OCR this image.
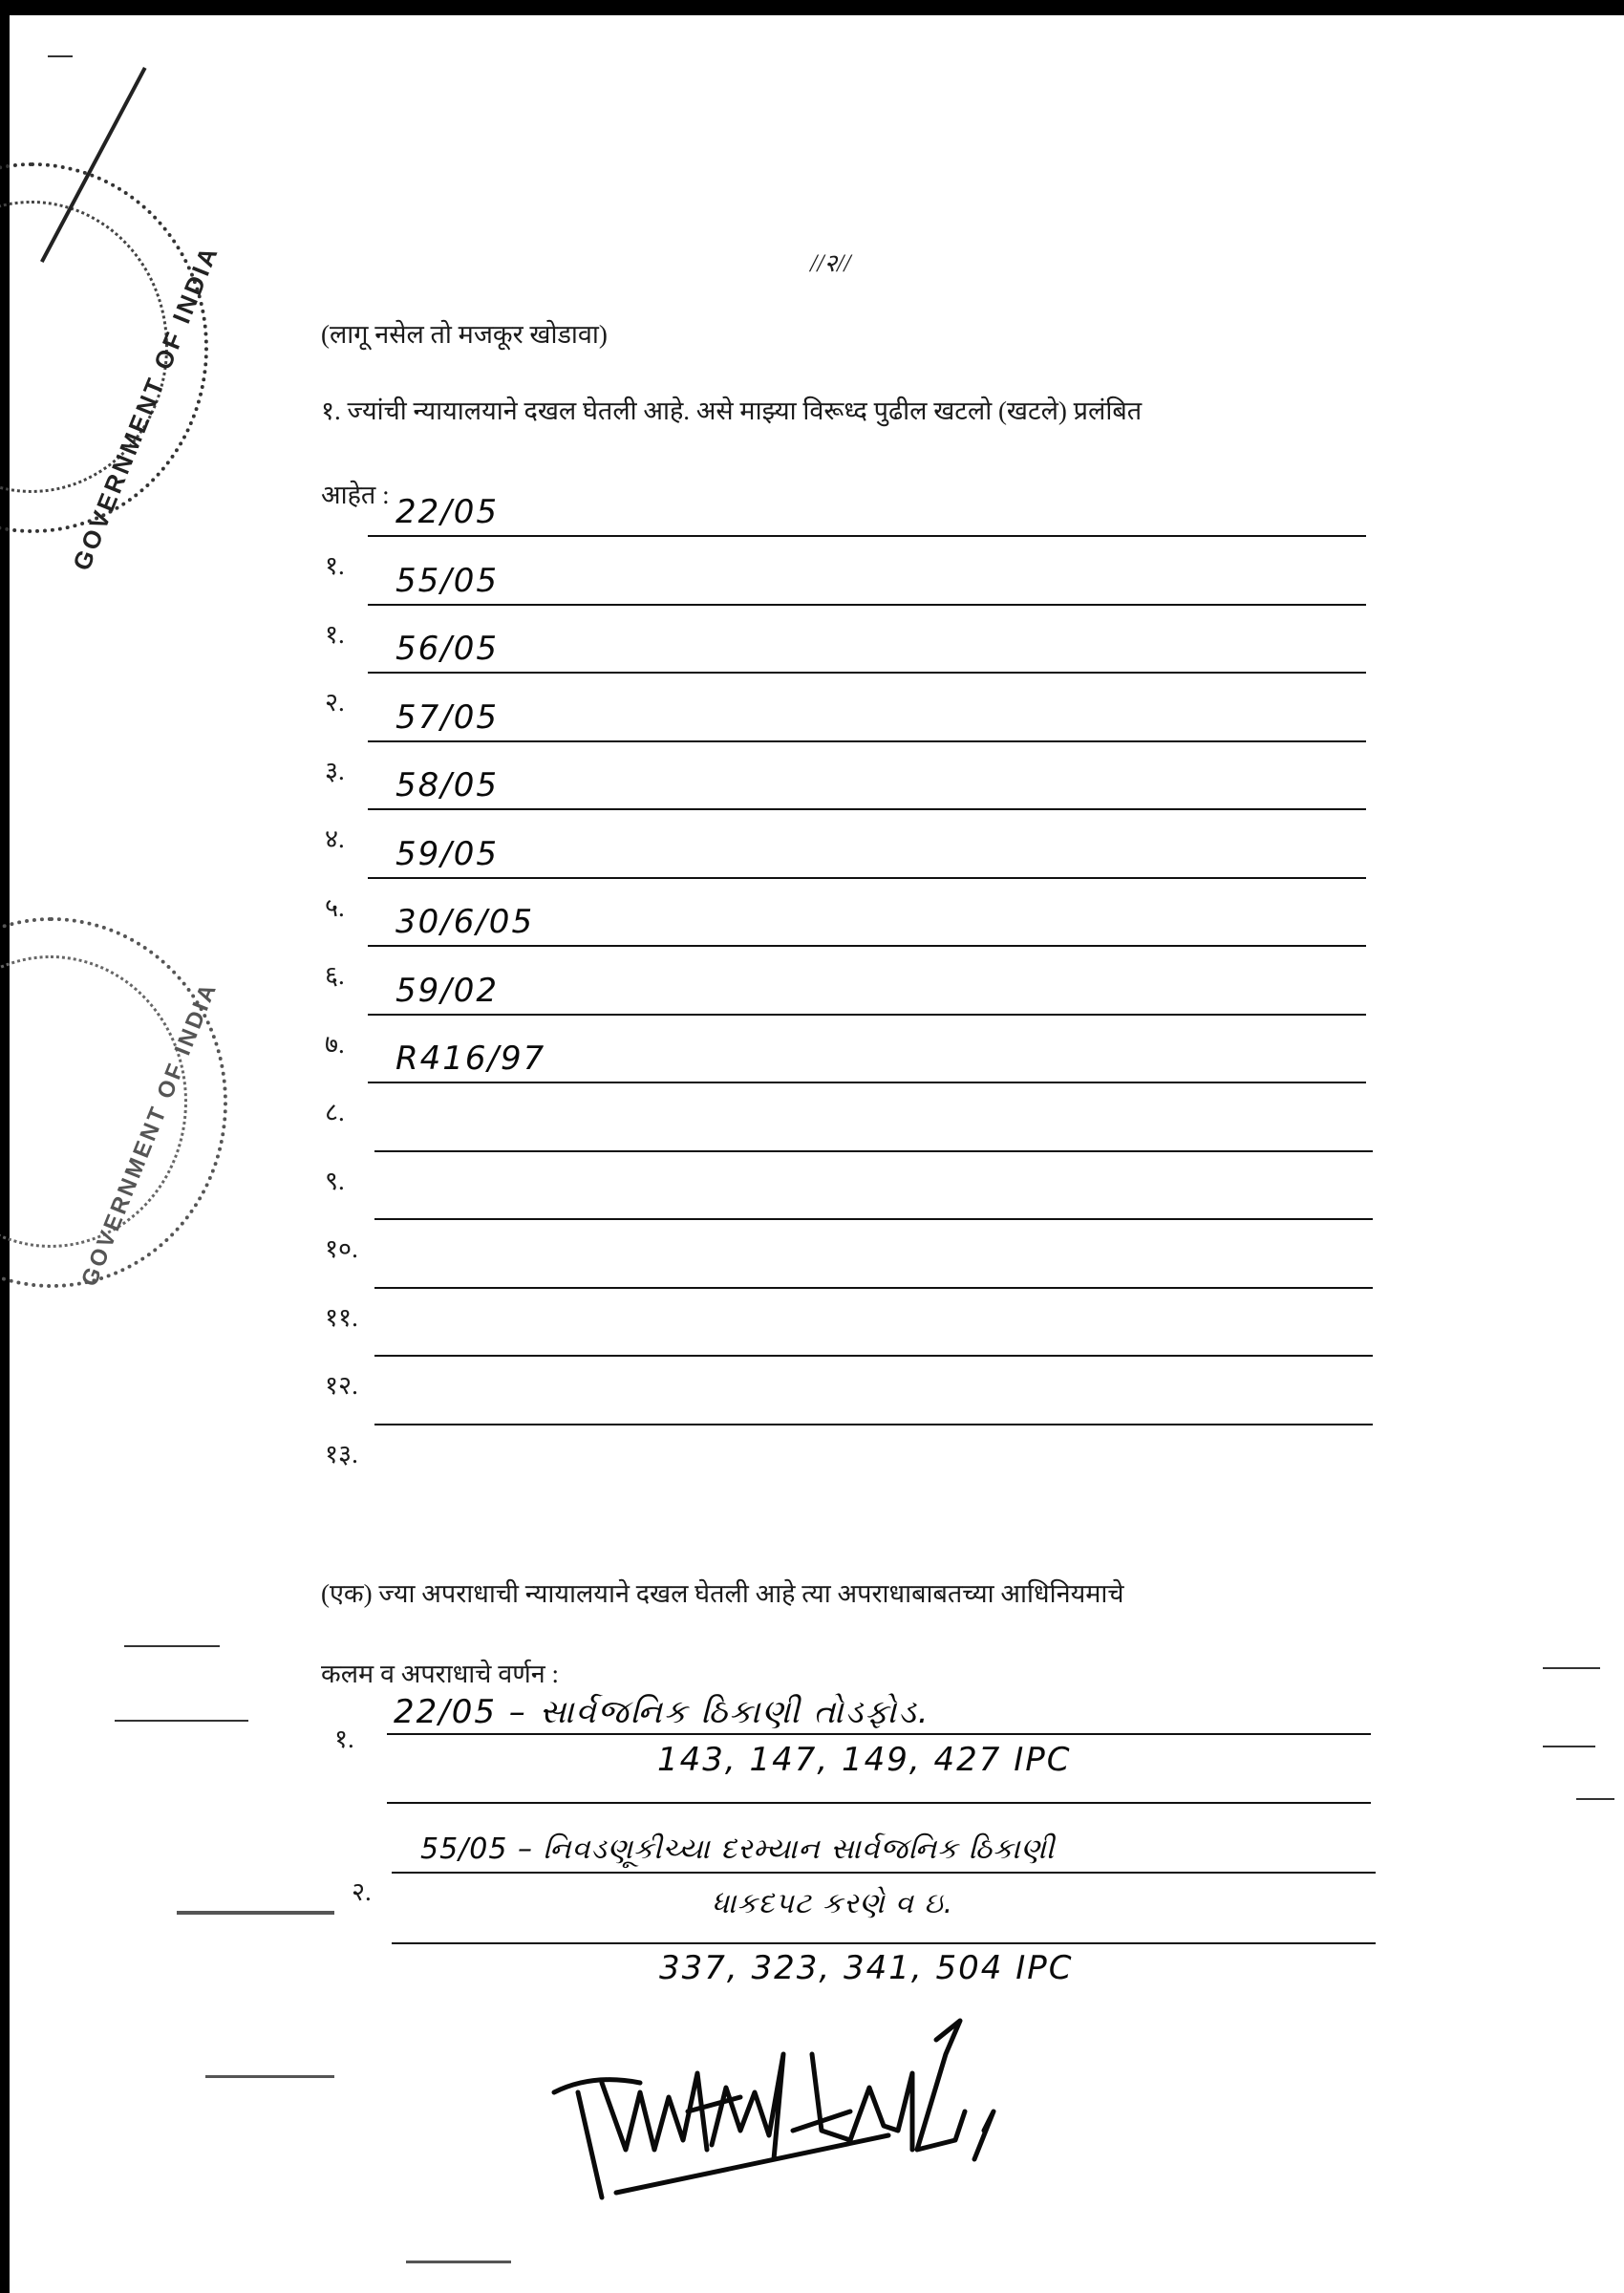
GOVERNMENT OF INDIA
GOVERNMENT OF INDIA
//२//
(लागू नसेल तो मजकूर खोडावा)
१. ज्यांची न्यायालयाने दखल घेतली आहे. असे माझ्या विरूध्द पुढील खटलो (खटले) प्रलंबित
आहेत : 22/05
१. 55/05
१. 56/05
२. 57/05
३. 58/05
४. 59/05
५. 30/6/05
६. 59/02
७. R416/97
८.
९.
१०.
११.
१२.
१३.
(एक) ज्या अपराधाची न्यायालयाने दखल घेतली आहे त्या अपराधाबाबतच्या आधिनियमाचे
कलम व अपराधाचे वर्णन :
१.
22/05 – સાર્વજનિક ઠિકાણી તોડફોડ.
143, 147, 149, 427 IPC
२.
55/05 – નિવડણૂકીચ્યા દરમ્યાન સાર્વજનિક ઠિકાણી
ધાકદપટ કરણે વ ઇ.
337, 323, 341, 504 IPC
